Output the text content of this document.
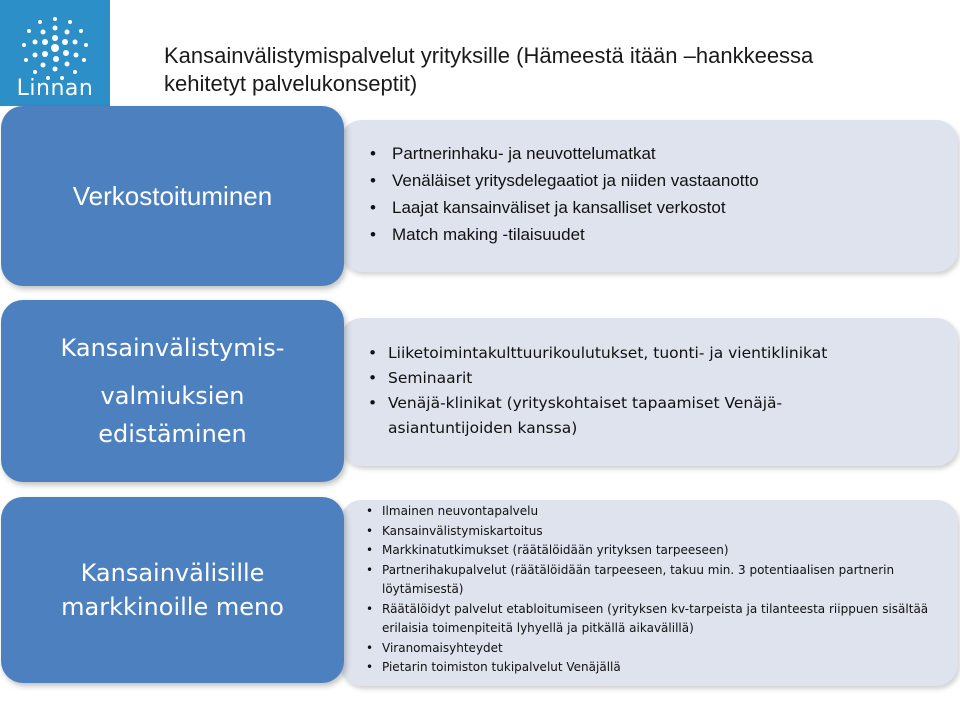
Linnan
Kansainvälistymispalvelut yrityksille (Hämeestä itään –hankkeessa kehitetyt palvelukonseptit)
• Partnerinhaku- ja neuvottelumatkat
• Venäläiset yritysdelegaatiot ja niiden vastaanotto
• Laajat kansainväliset ja kansalliset verkostot
• Match making -tilaisuudet
Verkostoituminen
• Liiketoimintakulttuurikoulutukset, tuonti- ja vientiklinikat
• Seminaarit
• Venäjä-klinikat (yrityskohtaiset tapaamiset Venäjä-asiantuntijoiden kanssa)
Kansainvälistymis-
valmiuksien
edistäminen
• Ilmainen neuvontapalvelu
• Kansainvälistymiskartoitus
• Markkinatutkimukset (räätälöidään yrityksen tarpeeseen)
• Partnerihakupalvelut (räätälöidään tarpeeseen, takuu min. 3 potentiaalisen partnerin löytämisestä)
• Räätälöidyt palvelut etabloitumiseen (yrityksen kv-tarpeista ja tilanteesta riippuen sisältää erilaisia toimenpiteitä lyhyellä ja pitkällä aikavälillä)
• Viranomaisyhteydet
• Pietarin toimiston tukipalvelut Venäjällä
Kansainvälisille
markkinoille meno
